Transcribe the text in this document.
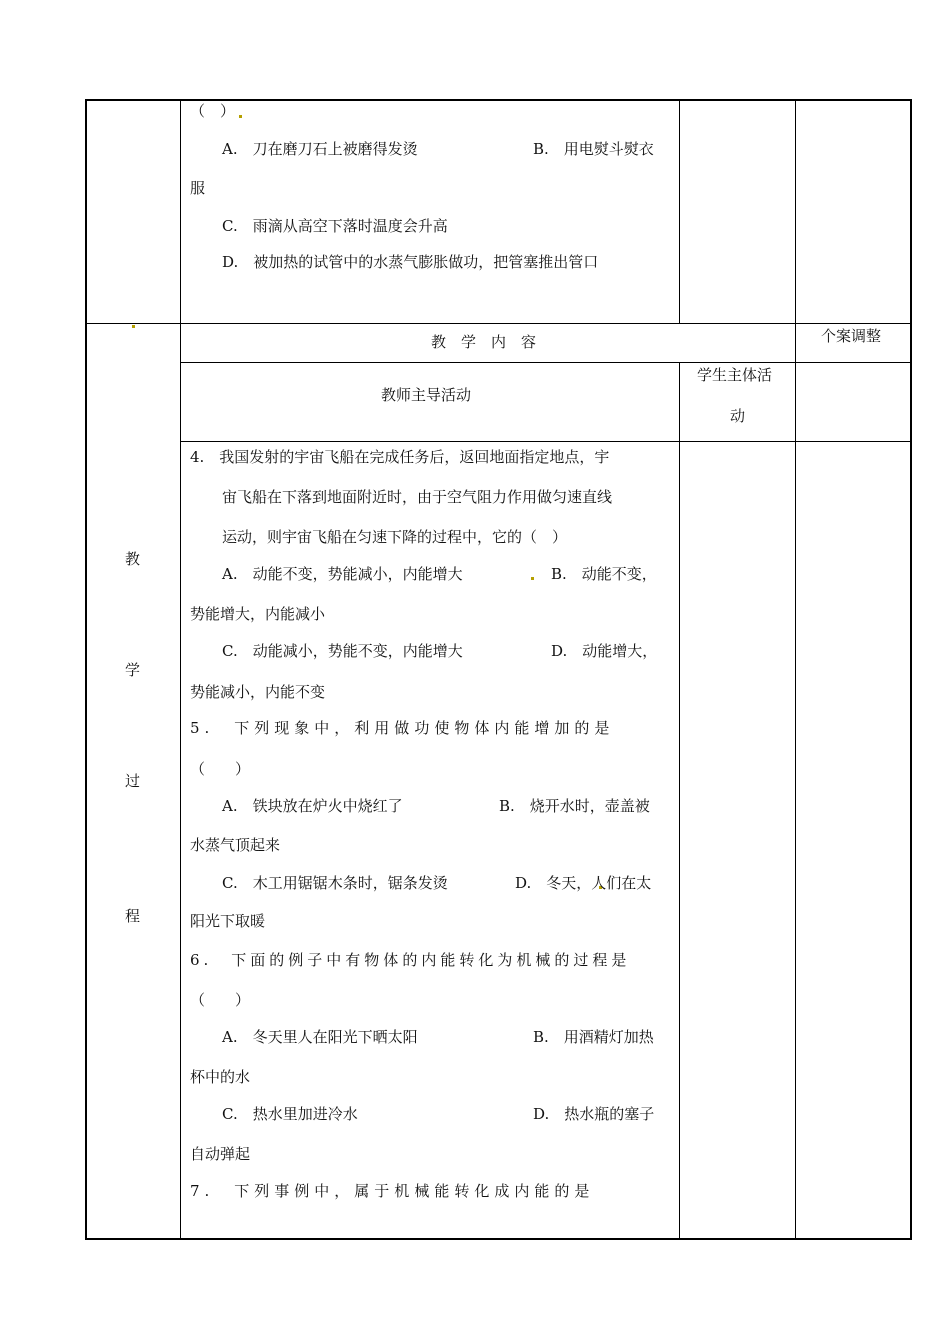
（　）
A.　刀在磨刀石上被磨得发烫	B.　用电熨斗熨衣
服
C.　雨滴从高空下落时温度会升高
D.　被加热的试管中的水蒸气膨胀做功，把管塞推出管口
教　学　内　容	个案调整
教师主导活动
学生主体活
动
教
学
过
程
4.　我国发射的宇宙飞船在完成任务后，返回地面指定地点，宇
宙飞船在下落到地面附近时，由于空气阻力作用做匀速直线
运动，则宇宙飞船在匀速下降的过程中，它的（　）
A.　动能不变，势能减小，内能增大	B.　动能不变，
势能增大，内能减小
C.　动能减小，势能不变，内能增大	D.　动能增大，
势能减小，内能不变
5.　下列现象中，利用做功使物体内能增加的是
（　　）
A.　铁块放在炉火中烧红了	B.　烧开水时，壶盖被
水蒸气顶起来
C.　木工用锯锯木条时，锯条发烫	D.　冬天，人们在太
阳光下取暖
6.　下面的例子中有物体的内能转化为机械的过程是
（　　）
A.　冬天里人在阳光下晒太阳	B.　用酒精灯加热
杯中的水
C.　热水里加进冷水	D.　热水瓶的塞子
自动弹起
7.　下列事例中，属于机械能转化成内能的是
